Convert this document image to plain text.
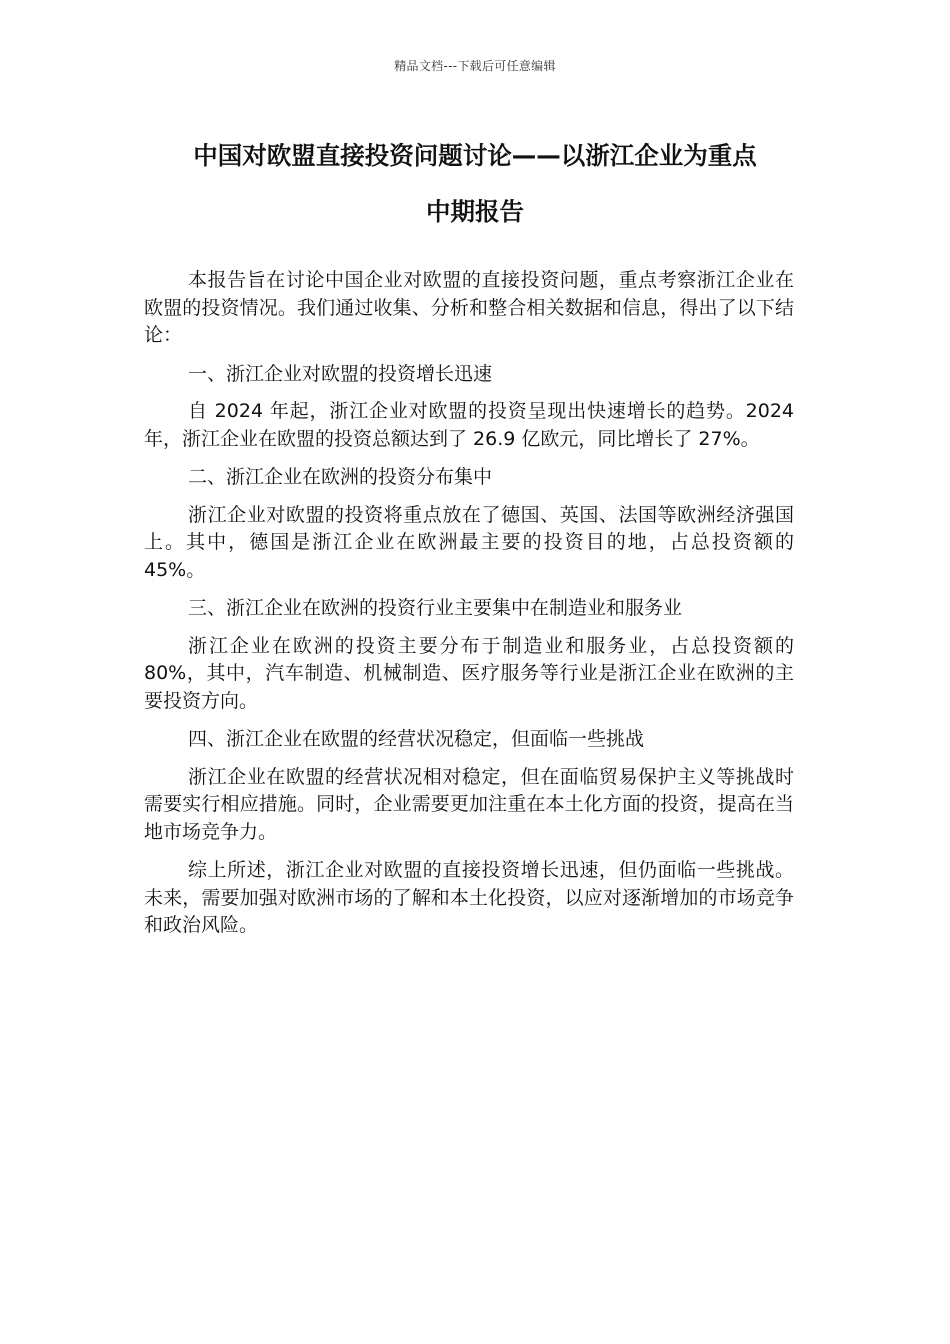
精品文档---下载后可任意编辑
中国对欧盟直接投资问题讨论——以浙江企业为重点
中期报告

本报告旨在讨论中国企业对欧盟的直接投资问题，重点考察浙江企业在欧盟的投资情况。我们通过收集、分析和整合相关数据和信息，得出了以下结论：

一、浙江企业对欧盟的投资增长迅速

自 2024 年起，浙江企业对欧盟的投资呈现出快速增长的趋势。2024 年，浙江企业在欧盟的投资总额达到了 26.9 亿欧元，同比增长了 27%。

二、浙江企业在欧洲的投资分布集中

浙江企业对欧盟的投资将重点放在了德国、英国、法国等欧洲经济强国上。其中，德国是浙江企业在欧洲最主要的投资目的地，占总投资额的 45%。

三、浙江企业在欧洲的投资行业主要集中在制造业和服务业

浙江企业在欧洲的投资主要分布于制造业和服务业，占总投资额的 80%，其中，汽车制造、机械制造、医疗服务等行业是浙江企业在欧洲的主要投资方向。

四、浙江企业在欧盟的经营状况稳定，但面临一些挑战

浙江企业在欧盟的经营状况相对稳定，但在面临贸易保护主义等挑战时需要实行相应措施。同时，企业需要更加注重在本土化方面的投资，提高在当地市场竞争力。

综上所述，浙江企业对欧盟的直接投资增长迅速，但仍面临一些挑战。未来，需要加强对欧洲市场的了解和本土化投资，以应对逐渐增加的市场竞争和政治风险。
